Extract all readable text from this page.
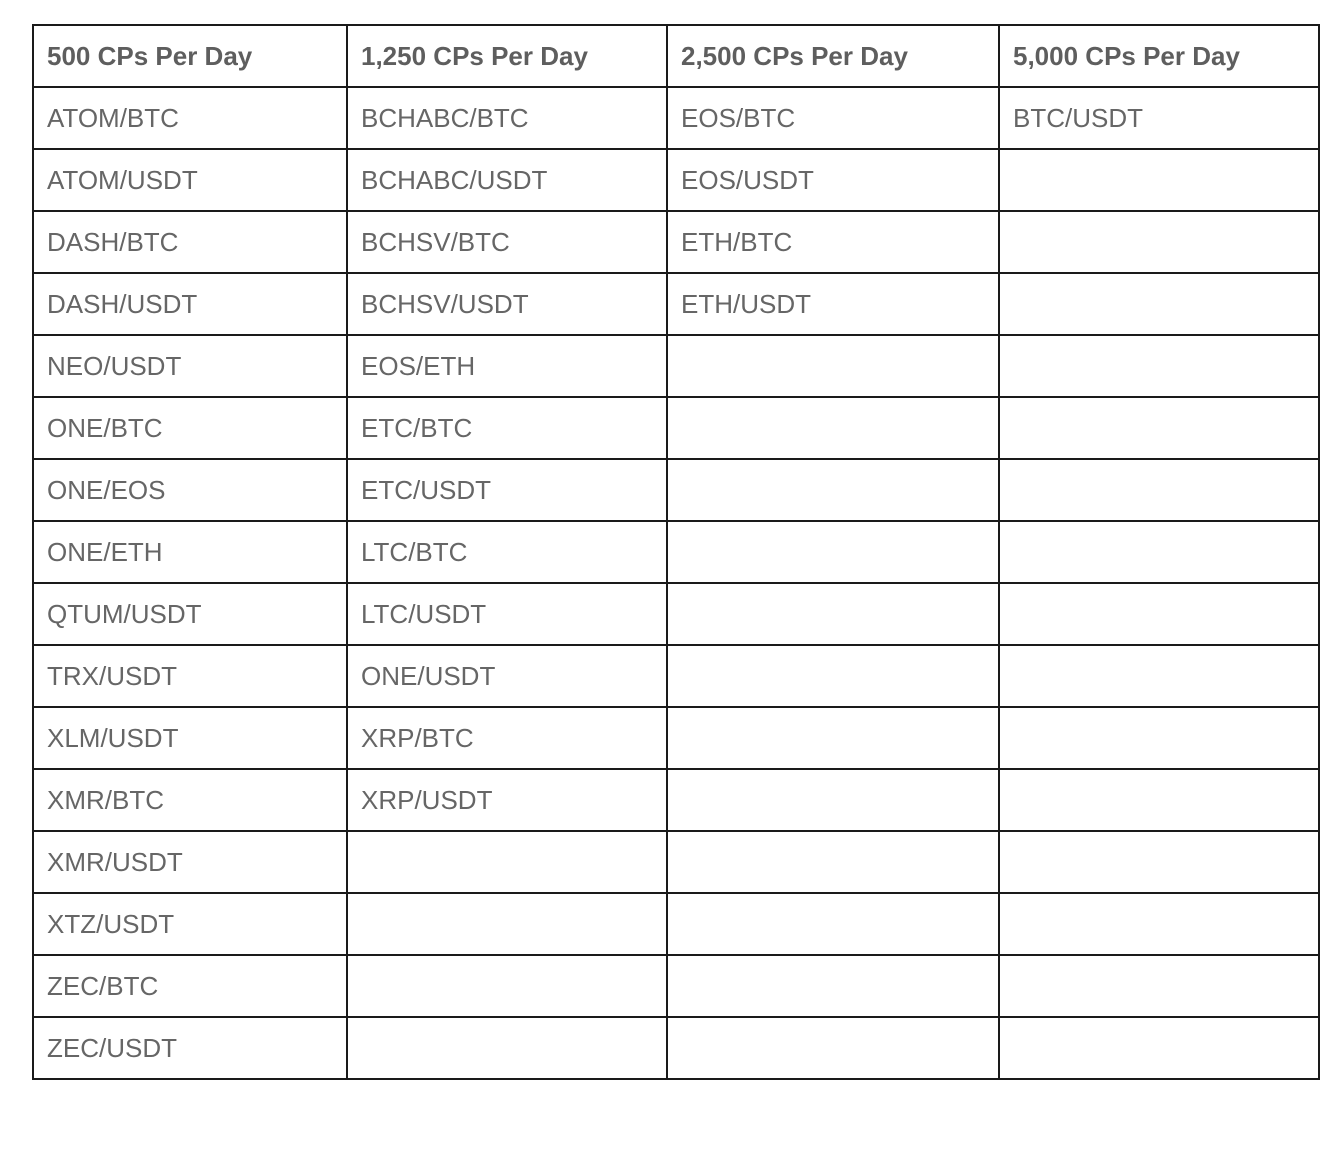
500 CPs Per Day	1,250 CPs Per Day	2,500 CPs Per Day	5,000 CPs Per Day
ATOM/BTC	BCHABC/BTC	EOS/BTC	BTC/USDT
ATOM/USDT	BCHABC/USDT	EOS/USDT	
DASH/BTC	BCHSV/BTC	ETH/BTC	
DASH/USDT	BCHSV/USDT	ETH/USDT	
NEO/USDT	EOS/ETH		
ONE/BTC	ETC/BTC		
ONE/EOS	ETC/USDT		
ONE/ETH	LTC/BTC		
QTUM/USDT	LTC/USDT		
TRX/USDT	ONE/USDT		
XLM/USDT	XRP/BTC		
XMR/BTC	XRP/USDT		
XMR/USDT			
XTZ/USDT			
ZEC/BTC			
ZEC/USDT			
